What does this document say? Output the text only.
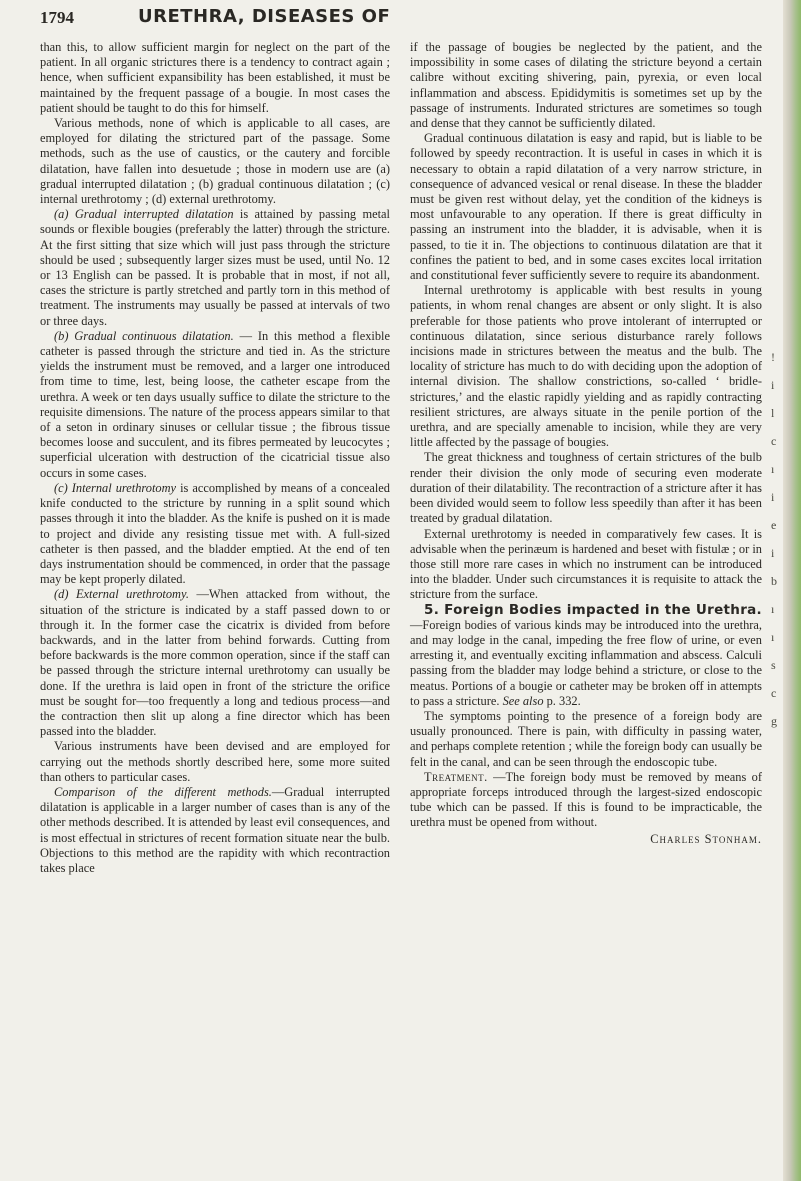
1794	URETHRA, DISEASES OF

than this, to allow sufficient margin for neglect on the part of the patient. In all organic strictures there is a tendency to contract again ; hence, when sufficient expansibility has been established, it must be maintained by the frequent passage of a bougie. In most cases the patient should be taught to do this for himself.

Various methods, none of which is applicable to all cases, are employed for dilating the strictured part of the passage. Some methods, such as the use of caustics, or the cautery and forcible dilatation, have fallen into desuetude ; those in modern use are (a) gradual interrupted dilatation ; (b) gradual continuous dilatation ; (c) internal urethrotomy ; (d) external urethrotomy.

(a) Gradual interrupted dilatation is attained by passing metal sounds or flexible bougies (preferably the latter) through the stricture. At the first sitting that size which will just pass through the stricture should be used ; subsequently larger sizes must be used, until No. 12 or 13 English can be passed. It is probable that in most, if not all, cases the stricture is partly stretched and partly torn in this method of treatment. The instruments may usually be passed at intervals of two or three days.

(b) Gradual continuous dilatation. — In this method a flexible catheter is passed through the stricture and tied in. As the stricture yields the instrument must be removed, and a larger one introduced from time to time, lest, being loose, the catheter escape from the urethra. A week or ten days usually suffice to dilate the stricture to the requisite dimensions. The nature of the process appears similar to that of a seton in ordinary sinuses or cellular tissue ; the fibrous tissue becomes loose and succulent, and its fibres permeated by leucocytes ; superficial ulceration with destruction of the cicatricial tissue also occurs in some cases.

(c) Internal urethrotomy is accomplished by means of a concealed knife conducted to the stricture by running in a split sound which passes through it into the bladder. As the knife is pushed on it is made to project and divide any resisting tissue met with. A full-sized catheter is then passed, and the bladder emptied. At the end of ten days instrumentation should be commenced, in order that the passage may be kept properly dilated.

(d) External urethrotomy. —When attacked from without, the situation of the stricture is indicated by a staff passed down to or through it. In the former case the cicatrix is divided from before backwards, and in the latter from behind forwards. Cutting from before backwards is the more common operation, since if the staff can be passed through the stricture internal urethrotomy can usually be done. If the urethra is laid open in front of the stricture the orifice must be sought for—too frequently a long and tedious process—and the contraction then slit up along a fine director which has been passed into the bladder.

Various instruments have been devised and are employed for carrying out the methods shortly described here, some more suited than others to particular cases.

Comparison of the different methods.—Gradual interrupted dilatation is applicable in a larger number of cases than is any of the other methods described. It is attended by least evil consequences, and is most effectual in strictures of recent formation situate near the bulb. Objections to this method are the rapidity with which recontraction takes place

if the passage of bougies be neglected by the patient, and the impossibility in some cases of dilating the stricture beyond a certain calibre without exciting shivering, pain, pyrexia, or even local inflammation and abscess. Epididymitis is sometimes set up by the passage of instruments. Indurated strictures are sometimes so tough and dense that they cannot be sufficiently dilated.

Gradual continuous dilatation is easy and rapid, but is liable to be followed by speedy recontraction. It is useful in cases in which it is necessary to obtain a rapid dilatation of a very narrow stricture, in consequence of advanced vesical or renal disease. In these the bladder must be given rest without delay, yet the condition of the kidneys is most unfavourable to any operation. If there is great difficulty in passing an instrument into the bladder, it is advisable, when it is passed, to tie it in. The objections to continuous dilatation are that it confines the patient to bed, and in some cases excites local irritation and constitutional fever sufficiently severe to require its abandonment.

Internal urethrotomy is applicable with best results in young patients, in whom renal changes are absent or only slight. It is also preferable for those patients who prove intolerant of interrupted or continuous dilatation, since serious disturbance rarely follows incisions made in strictures between the meatus and the bulb. The locality of stricture has much to do with deciding upon the adoption of internal division. The shallow constrictions, so-called ‘ bridle-strictures,’ and the elastic rapidly yielding and as rapidly contracting resilient strictures, are always situate in the penile portion of the urethra, and are specially amenable to incision, while they are very little affected by the passage of bougies.

The great thickness and toughness of certain strictures of the bulb render their division the only mode of securing even moderate duration of their dilatability. The recontraction of a stricture after it has been divided would seem to follow less speedily than after it has been treated by gradual dilatation.

External urethrotomy is needed in comparatively few cases. It is advisable when the perinæum is hardened and beset with fistulæ ; or in those still more rare cases in which no instrument can be introduced into the bladder. Under such circumstances it is requisite to attack the stricture from the surface.

5. Foreign Bodies impacted in the Urethra.—Foreign bodies of various kinds may be introduced into the urethra, and may lodge in the canal, impeding the free flow of urine, or even arresting it, and eventually exciting inflammation and abscess. Calculi passing from the bladder may lodge behind a stricture, or close to the meatus. Portions of a bougie or catheter may be broken off in attempts to pass a stricture. See also p. 332.

The symptoms pointing to the presence of a foreign body are usually pronounced. There is pain, with difficulty in passing water, and perhaps complete retention ; while the foreign body can usually be felt in the canal, and can be seen through the endoscopic tube.

Treatment. —The foreign body must be removed by means of appropriate forceps introduced through the largest-sized endoscopic tube which can be passed. If this is found to be impracticable, the urethra must be opened from without.

Charles Stonham.
!
i
l
c
ı
i
e
i
b
ı
ı
s
c
g
